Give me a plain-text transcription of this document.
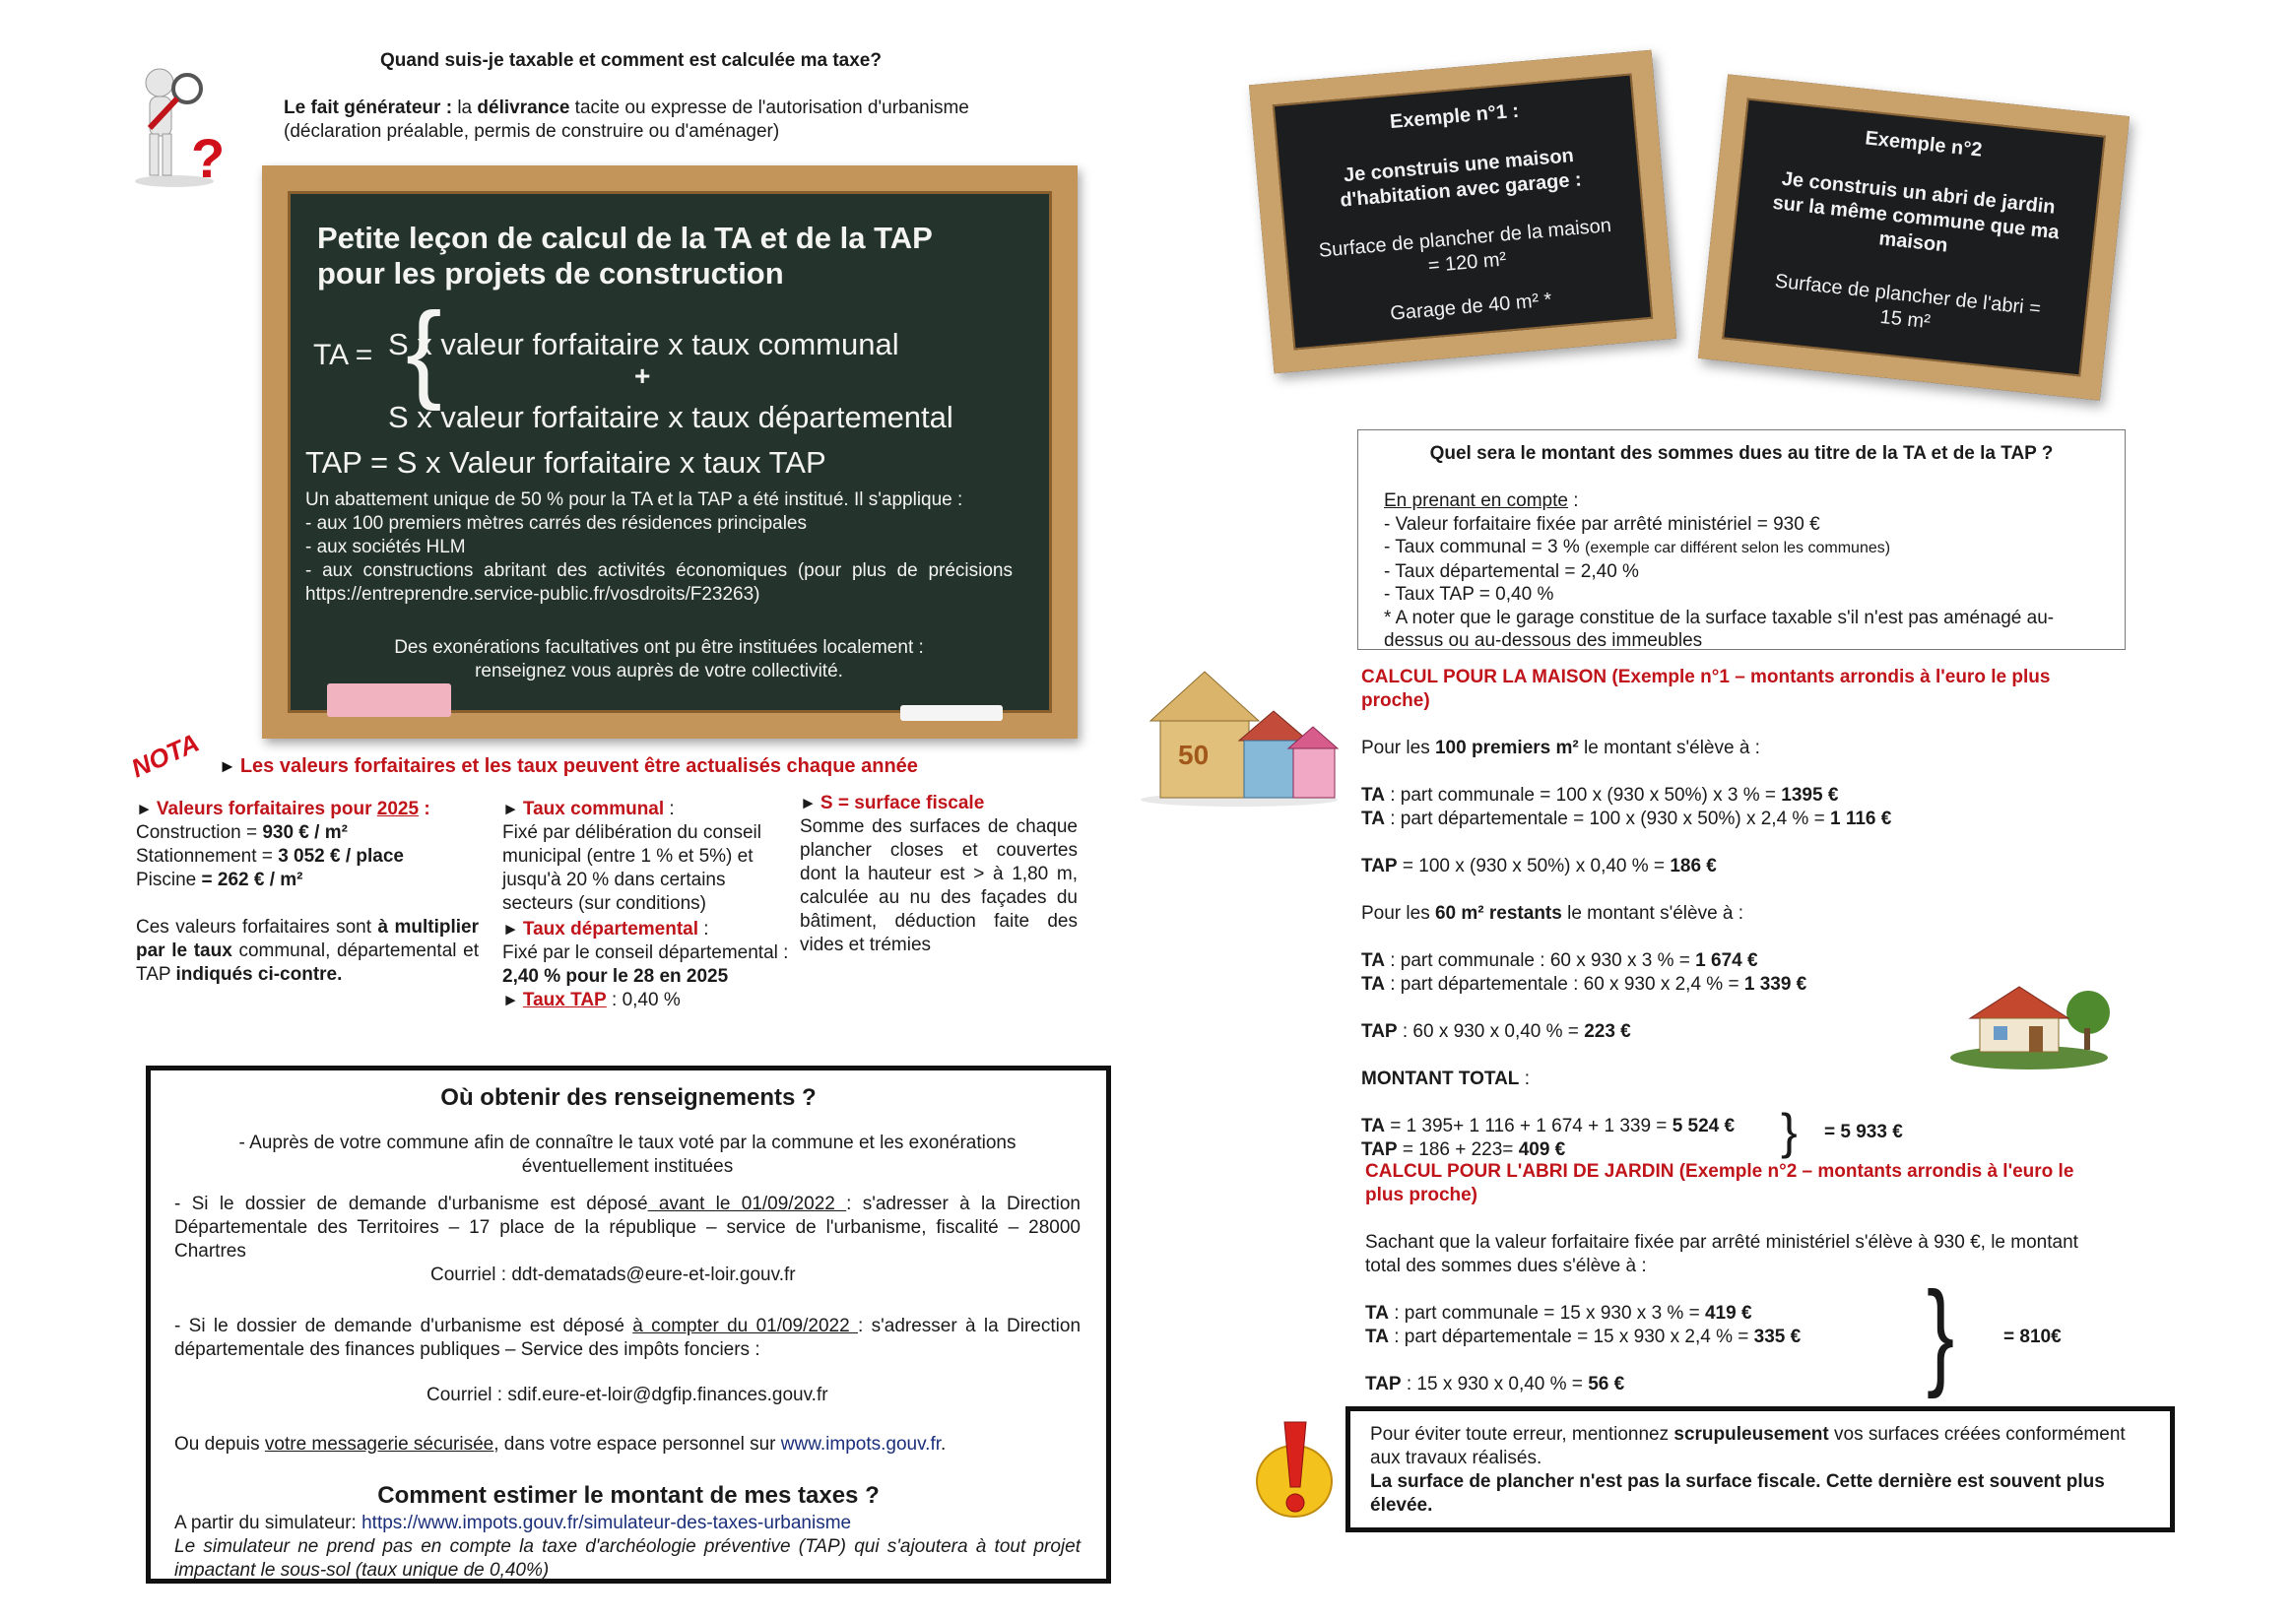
?
Quand suis-je taxable et comment est calculée ma taxe?
Le fait générateur : la délivrance tacite ou expresse de l'autorisation d'urbanisme
(déclaration préalable, permis de construire ou d'aménager)
Petite leçon de calcul de la TA et de la TAP
pour les projets de construction
TA = {
S x valeur forfaitaire x taux communal
+
S x valeur forfaitaire x taux départemental
TAP = S x Valeur forfaitaire x taux TAP
Un abattement unique de 50 % pour la TA et la TAP a été institué. Il s'applique :
- aux 100 premiers mètres carrés des résidences principales
- aux sociétés HLM
- aux constructions abritant des activités économiques (pour plus de précisions https://entreprendre.service-public.fr/vosdroits/F23263)
Des exonérations facultatives ont pu être instituées localement :
renseignez vous auprès de votre collectivité.
NOTA ► Les valeurs forfaitaires et les taux peuvent être actualisés chaque année
► Valeurs forfaitaires pour 2025 :
Construction = 930 € / m²
Stationnement = 3 052 € / place
Piscine = 262 € / m²
Ces valeurs forfaitaires sont à multiplier par le taux communal, départemental et TAP indiqués ci-contre.
► Taux communal :
Fixé par délibération du conseil municipal (entre 1 % et 5%) et jusqu'à 20 % dans certains secteurs (sur conditions)
► Taux départemental :
Fixé par le conseil départemental :
2,40 % pour le 28 en 2025
► Taux TAP : 0,40 %
► S = surface fiscale
Somme des surfaces de chaque plancher closes et couvertes dont la hauteur est > à 1,80 m, calculée au nu des façades du bâtiment, déduction faite des vides et trémies
Où obtenir des renseignements ?
- Auprès de votre commune afin de connaître le taux voté par la commune et les exonérations éventuellement instituées
- Si le dossier de demande d'urbanisme est déposé avant le 01/09/2022 : s'adresser à la Direction Départementale des Territoires – 17 place de la république – service de l'urbanisme, fiscalité – 28000 Chartres
Courriel : ddt-dematads@eure-et-loir.gouv.fr
- Si le dossier de demande d'urbanisme est déposé à compter du 01/09/2022 : s'adresser à la Direction départementale des finances publiques – Service des impôts fonciers :
Courriel : sdif.eure-et-loir@dgfip.finances.gouv.fr
Ou depuis votre messagerie sécurisée, dans votre espace personnel sur www.impots.gouv.fr.
Comment estimer le montant de mes taxes ?
A partir du simulateur: https://www.impots.gouv.fr/simulateur-des-taxes-urbanisme
Le simulateur ne prend pas en compte la taxe d'archéologie préventive (TAP) qui s'ajoutera à tout projet impactant le sous-sol (taux unique de 0,40%)
Exemple n°1 :
Je construis une maison d'habitation avec garage :
Surface de plancher de la maison = 120 m²
Garage de 40 m² *
Exemple n°2
Je construis un abri de jardin sur la même commune que ma maison
Surface de plancher de l'abri = 15 m²
Quel sera le montant des sommes dues au titre de la TA et de la TAP ?
En prenant en compte :
- Valeur forfaitaire fixée par arrêté ministériel = 930 €
- Taux communal = 3 % (exemple car différent selon les communes)
- Taux départemental = 2,40 %
- Taux TAP = 0,40 %
* A noter que le garage constitue de la surface taxable s'il n'est pas aménagé au-dessus ou au-dessous des immeubles
50
CALCUL POUR LA MAISON (Exemple n°1 – montants arrondis à l'euro le plus proche)
Pour les 100 premiers m² le montant s'élève à :
TA : part communale = 100 x (930 x 50%) x 3 % = 1395 €
TA : part départementale = 100 x (930 x 50%) x 2,4 % = 1 116 €
TAP = 100 x (930 x 50%) x 0,40 % = 186 €
Pour les 60 m² restants le montant s'élève à :
TA : part communale : 60 x 930 x 3 % = 1 674 €
TA : part départementale : 60 x 930 x 2,4 % = 1 339 €
TAP : 60 x 930 x 0,40 % = 223 €
MONTANT TOTAL :
TA = 1 395+ 1 116 + 1 674 + 1 339 = 5 524 €
TAP = 186 + 223= 409 €	} = 5 933 €
CALCUL POUR L'ABRI DE JARDIN (Exemple n°2 – montants arrondis à l'euro le plus proche)
Sachant que la valeur forfaitaire fixée par arrêté ministériel s'élève à 930 €, le montant total des sommes dues s'élève à :
TA : part communale = 15 x 930 x 3 % = 419 €
TA : part départementale = 15 x 930 x 2,4 % = 335 €
TAP : 15 x 930 x 0,40 % = 56 €	}	= 810€
Pour éviter toute erreur, mentionnez scrupuleusement vos surfaces créées conformément aux travaux réalisés.
La surface de plancher n'est pas la surface fiscale. Cette dernière est souvent plus élevée.
